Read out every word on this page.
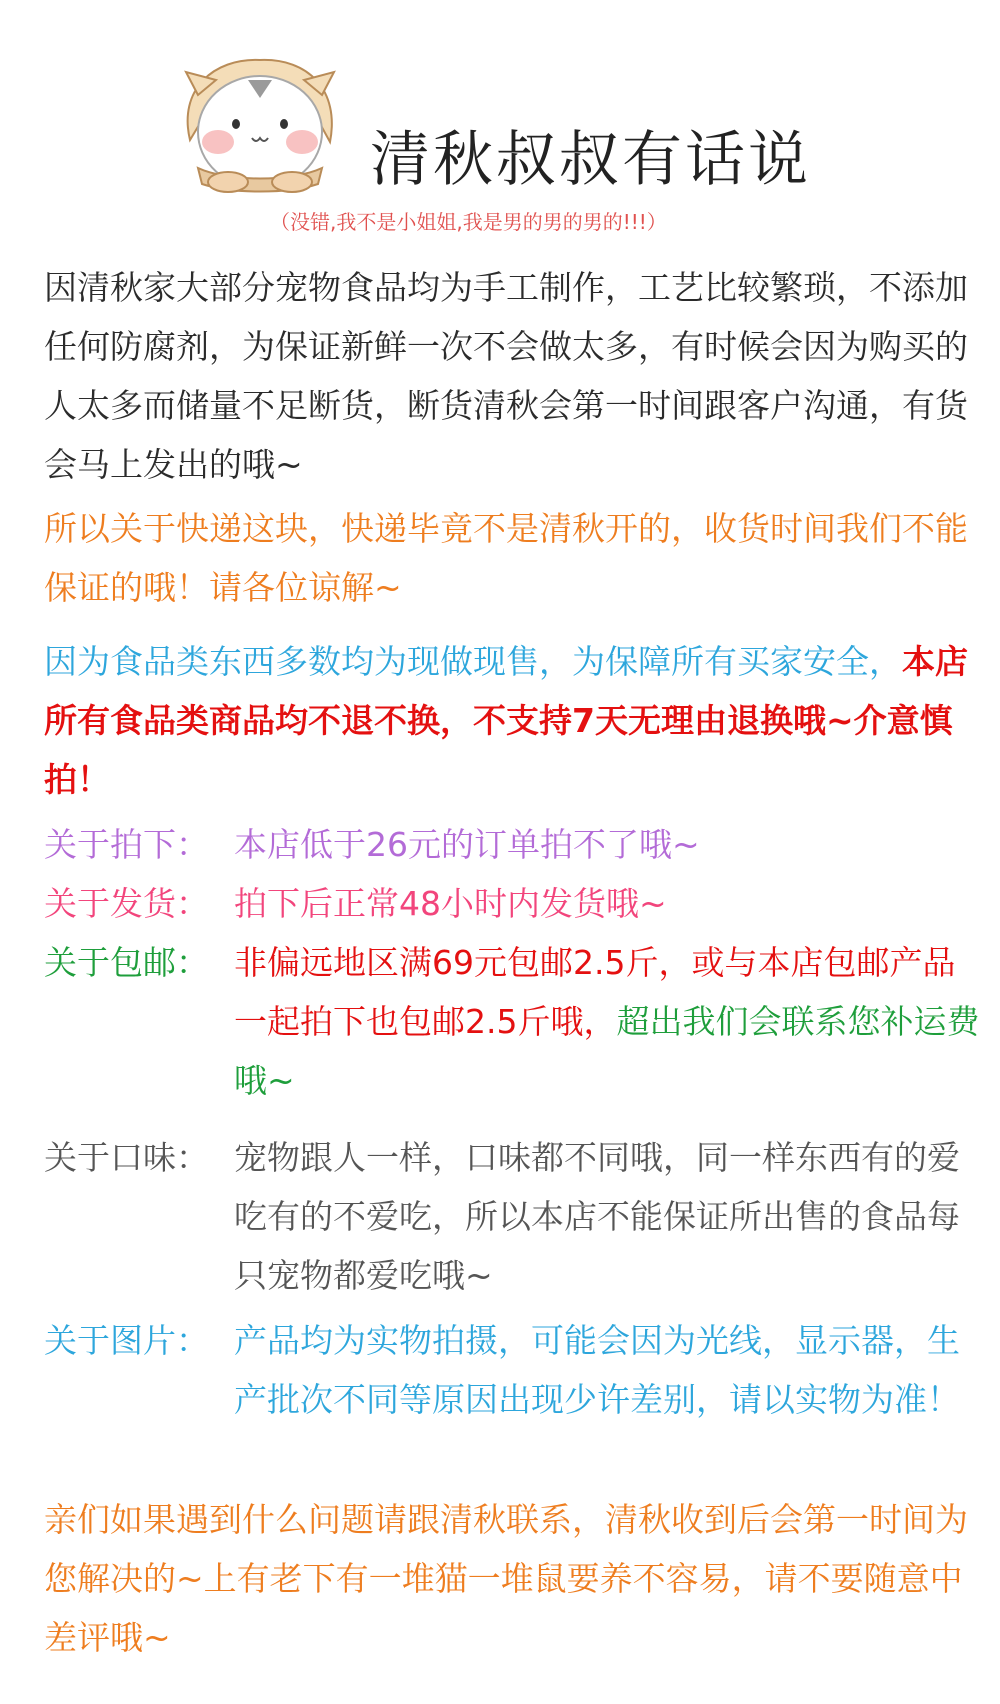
清秋叔叔有话说
（没错,我不是小姐姐,我是男的男的男的!!!）

因清秋家大部分宠物食品均为手工制作，工艺比较繁琐，不添加任何防腐剂，为保证新鲜一次不会做太多，有时候会因为购买的人太多而储量不足断货，断货清秋会第一时间跟客户沟通，有货会马上发出的哦~

所以关于快递这块，快递毕竟不是清秋开的，收货时间我们不能保证的哦！请各位谅解~

因为食品类东西多数均为现做现售，为保障所有买家安全，本店所有食品类商品均不退不换，不支持7天无理由退换哦~介意慎拍！

关于拍下： 本店低于26元的订单拍不了哦~
关于发货： 拍下后正常48小时内发货哦~
关于包邮： 非偏远地区满69元包邮2.5斤，或与本店包邮产品一起拍下也包邮2.5斤哦，超出我们会联系您补运费哦~
关于口味： 宠物跟人一样，口味都不同哦，同一样东西有的爱吃有的不爱吃，所以本店不能保证所出售的食品每只宠物都爱吃哦~
关于图片： 产品均为实物拍摄，可能会因为光线，显示器，生产批次不同等原因出现少许差别，请以实物为准！

亲们如果遇到什么问题请跟清秋联系，清秋收到后会第一时间为您解决的~上有老下有一堆猫一堆鼠要养不容易，请不要随意中差评哦~
